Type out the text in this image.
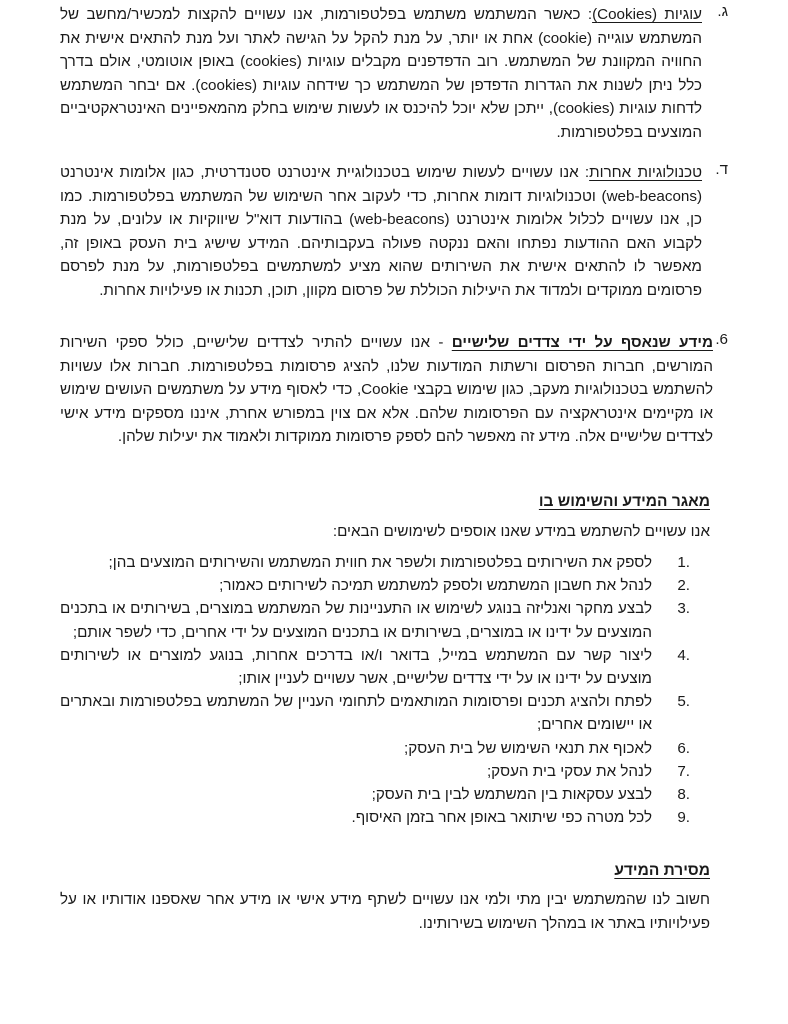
ג.
עוגיות (Cookies): כאשר המשתמש משתמש בפלטפורמות, אנו עשויים להקצות למכשיר/מחשב של המשתמש עוגייה (cookie) אחת או יותר, על מנת להקל על הגישה לאתר ועל מנת להתאים אישית את החוויה המקוונת של המשתמש. רוב הדפדפנים מקבלים עוגיות (cookies) באופן אוטומטי, אולם בדרך כלל ניתן לשנות את הגדרות הדפדפן של המשתמש כך שידחה עוגיות (cookies). אם יבחר המשתמש לדחות עוגיות (cookies), ייתכן שלא יוכל להיכנס או לעשות שימוש בחלק מהמאפיינים האינטראקטיביים המוצעים בפלטפורמות.
ד.
טכנולוגיות אחרות: אנו עשויים לעשות שימוש בטכנולוגיית אינטרנט סטנדרטית, כגון אלומות אינטרנט (web-beacons) וטכנולוגיות דומות אחרות, כדי לעקוב אחר השימוש של המשתמש בפלטפורמות. כמו כן, אנו עשויים לכלול אלומות אינטרנט (web-beacons) בהודעות דוא"ל שיווקיות או עלונים, על מנת לקבוע האם ההודעות נפתחו והאם ננקטה פעולה בעקבותיהם. המידע שישיג בית העסק באופן זה, מאפשר לו להתאים אישית את השירותים שהוא מציע למשתמשים בפלטפורמות, על מנת לפרסם פרסומים ממוקדים ולמדוד את היעילות הכוללת של פרסום מקוון, תוכן, תכנות או פעילויות אחרות.
6.
מידע שנאסף על ידי צדדים שלישיים - אנו עשויים להתיר לצדדים שלישיים, כולל ספקי השירות המורשים, חברות הפרסום ורשתות המודעות שלנו, להציג פרסומות בפלטפורמות. חברות אלו עשויות להשתמש בטכנולוגיות מעקב, כגון שימוש בקבצי Cookie, כדי לאסוף מידע על משתמשים העושים שימוש או מקיימים אינטראקציה עם הפרסומות שלהם. אלא אם צוין במפורש אחרת, איננו מספקים מידע אישי לצדדים שלישיים אלה. מידע זה מאפשר להם לספק פרסומות ממוקדות ולאמוד את יעילות שלהן.
מאגר המידע והשימוש בו
אנו עשויים להשתמש במידע שאנו אוספים לשימושים הבאים:
1.
לספק את השירותים בפלטפורמות ולשפר את חווית המשתמש והשירותים המוצעים בהן;
2.
לנהל את חשבון המשתמש ולספק למשתמש תמיכה לשירותים כאמור;
3.
לבצע מחקר ואנליזה בנוגע לשימוש או התעניינות של המשתמש במוצרים, בשירותים או בתכנים המוצעים על ידינו או במוצרים, בשירותים או בתכנים המוצעים על ידי אחרים, כדי לשפר אותם;
4.
ליצור קשר עם המשתמש במייל, בדואר ו/או בדרכים אחרות, בנוגע למוצרים או לשירותים מוצעים על ידינו או על ידי צדדים שלישיים, אשר עשויים לעניין אותו;
5.
לפתח ולהציג תכנים ופרסומות המותאמים לתחומי העניין של המשתמש בפלטפורמות ובאתרים או יישומים אחרים;
6.
לאכוף את תנאי השימוש של בית העסק;
7.
לנהל את עסקי בית העסק;
8.
לבצע עסקאות בין המשתמש לבין בית העסק;
9.
לכל מטרה כפי שיתואר באופן אחר בזמן האיסוף.
מסירת המידע
חשוב לנו שהמשתמש יבין מתי ולמי אנו עשויים לשתף מידע אישי או מידע אחר שאספנו אודותיו או על פעילויותיו באתר או במהלך השימוש בשירותינו.
